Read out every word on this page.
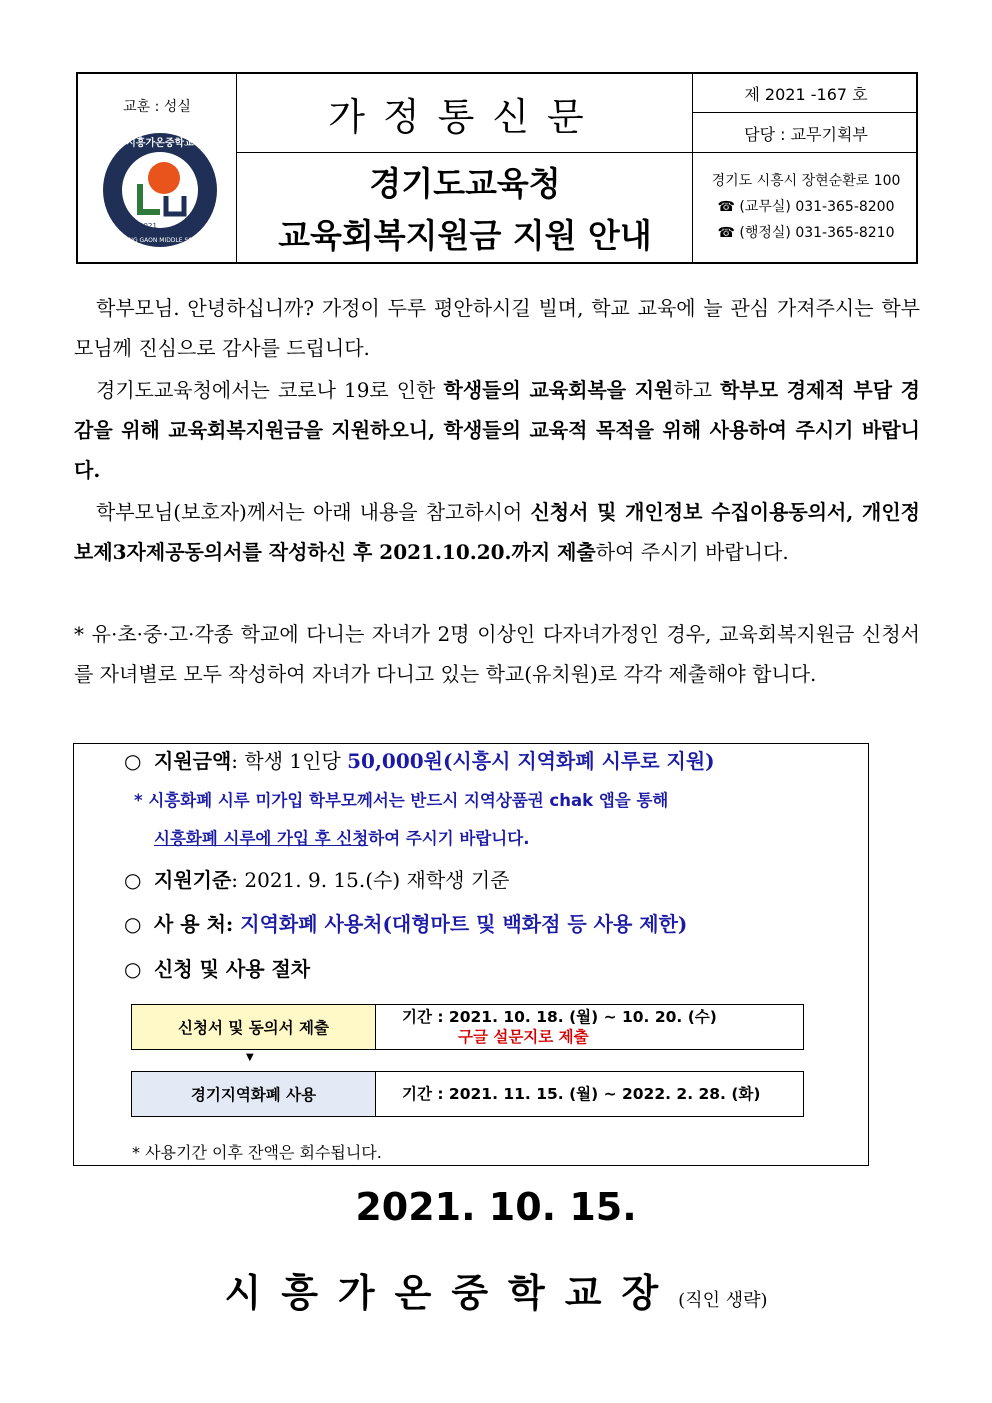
교훈 : 성실
시흥가온중학교
2021
SIHEUNG GAON MIDDLE SCHOOL
가정통신문
경기도교육청
교육회복지원금 지원 안내
제 2021 -167 호
담당 : 교무기획부
경기도 시흥시 장현순환로 100
☎ (교무실) 031-365-8200
☎ (행정실) 031-365-8210
학부모님. 안녕하십니까? 가정이 두루 평안하시길 빌며, 학교 교육에 늘 관심 가져주시는 학부모님께 진심으로 감사를 드립니다.
경기도교육청에서는 코로나 19로 인한 학생들의 교육회복을 지원하고 학부모 경제적 부담 경감을 위해 교육회복지원금을 지원하오니, 학생들의 교육적 목적을 위해 사용하여 주시기 바랍니다.
학부모님(보호자)께서는 아래 내용을 참고하시어 신청서 및 개인정보 수집이용동의서, 개인정보제3자제공동의서를 작성하신 후 2021.10.20.까지 제출하여 주시기 바랍니다.
* 유·초·중·고·각종 학교에 다니는 자녀가 2명 이상인 다자녀가정인 경우, 교육회복지원금 신청서를 자녀별로 모두 작성하여 자녀가 다니고 있는 학교(유치원)로 각각 제출해야 합니다.
○ 지원금액: 학생 1인당 50,000원(시흥시 지역화폐 시루로 지원)
* 시흥화폐 시루 미가입 학부모께서는 반드시 지역상품권 chak 앱을 통해
시흥화폐 시루에 가입 후 신청하여 주시기 바랍니다.
○ 지원기준: 2021. 9. 15.(수) 재학생 기준
○ 사 용 처: 지역화폐 사용처(대형마트 및 백화점 등 사용 제한)
○ 신청 및 사용 절차
신청서 및 동의서 제출
기간 : 2021. 10. 18. (월) ~ 10. 20. (수)
구글 설문지로 제출
▼
경기지역화폐 사용	기간 : 2021. 11. 15. (월) ~ 2022. 2. 28. (화)
* 사용기간 이후 잔액은 회수됩니다.
2021. 10. 15.
시흥가온중학교장(직인 생략)
